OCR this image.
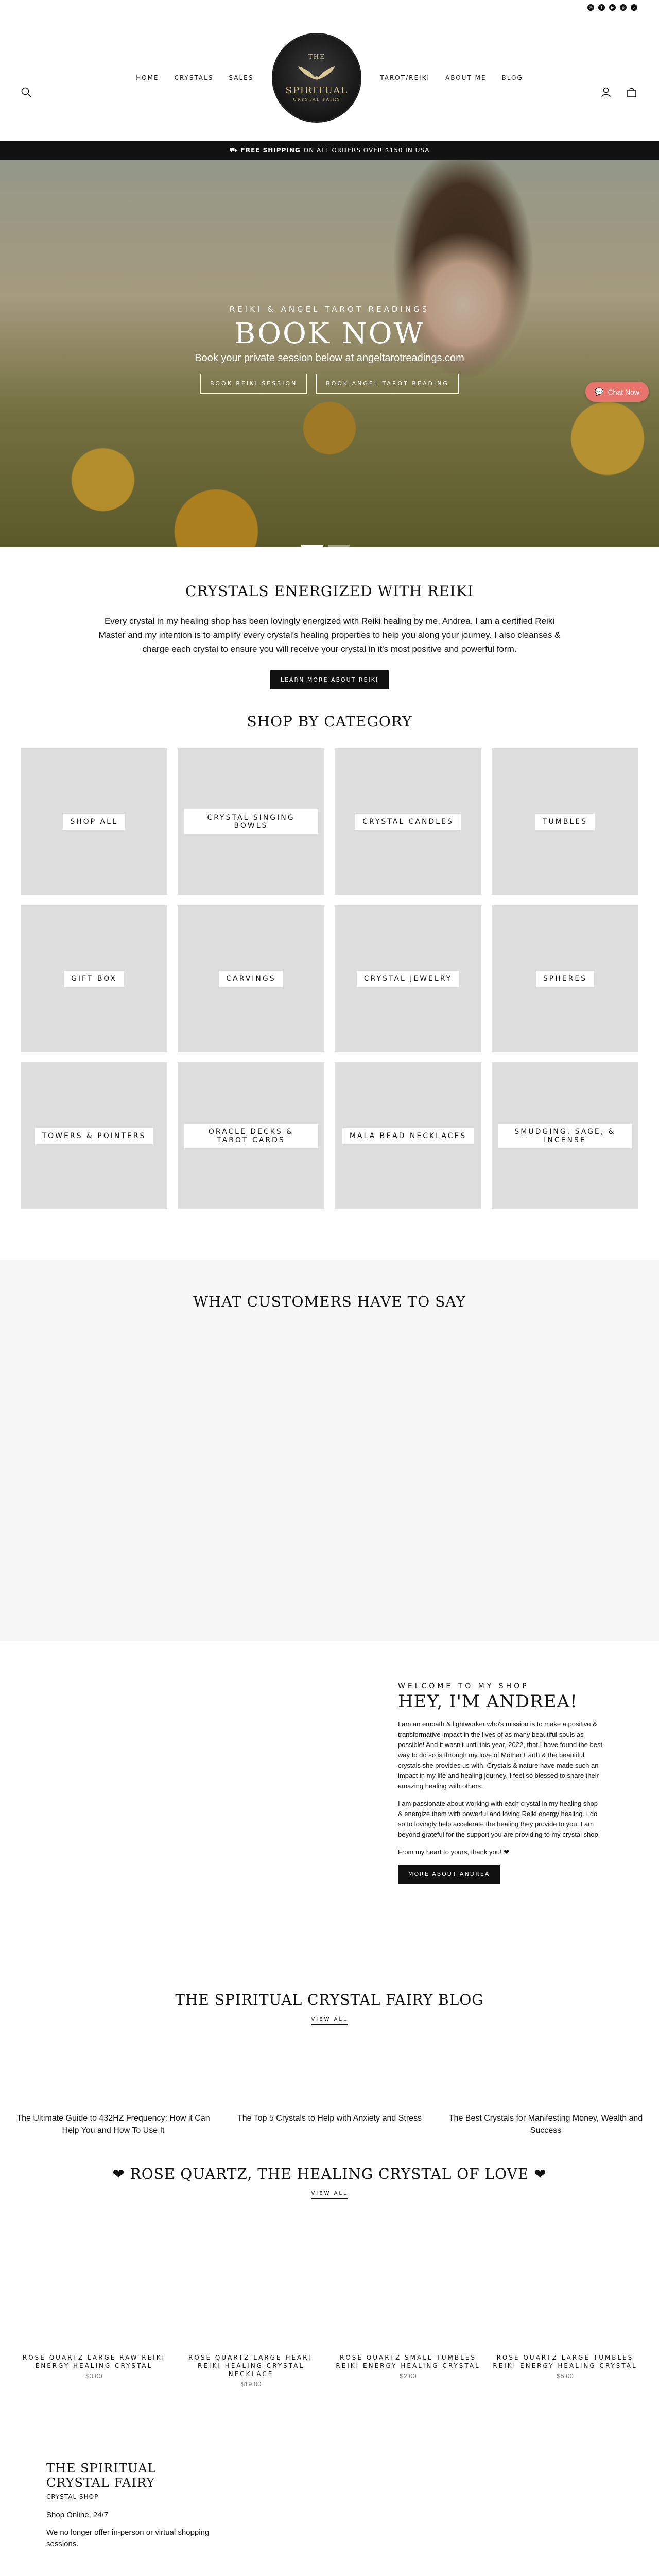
◎	f	▶	p	♪
HOME	CRYSTALS	SALES
THE
SPIRITUAL
CRYSTAL FAIRY
TAROT/REIKI	ABOUT ME	BLOG
⛟ FREE SHIPPING ON ALL ORDERS OVER $150 IN USA
REIKI & ANGEL TAROT READINGS
BOOK NOW
Book your private session below at angeltarotreadings.com
BOOK REIKI SESSION	BOOK ANGEL TAROT READING
💬 Chat Now
CRYSTALS ENERGIZED WITH REIKI

Every crystal in my healing shop has been lovingly energized with Reiki healing by me, Andrea. I am a certified Reiki Master and my intention is to amplify every crystal's healing properties to help you along your journey. I also cleanses & charge each crystal to ensure you will receive your crystal in it's most positive and powerful form.

LEARN MORE ABOUT REIKI
SHOP BY CATEGORY
SHOP ALL	CRYSTAL SINGING BOWLS	CRYSTAL CANDLES	TUMBLES
GIFT BOX	CARVINGS	CRYSTAL JEWELRY	SPHERES
TOWERS & POINTERS	ORACLE DECKS & TAROT CARDS	MALA BEAD NECKLACES	SMUDGING, SAGE, & INCENSE
WHAT CUSTOMERS HAVE TO SAY
WELCOME TO MY SHOP
HEY, I'M ANDREA!

I am an empath & lightworker who's mission is to make a positive & transformative impact in the lives of as many beautiful souls as possible! And it wasn't until this year, 2022, that I have found the best way to do so is through my love of Mother Earth & the beautiful crystals she provides us with. Crystals & nature have made such an impact in my life and healing journey. I feel so blessed to share their amazing healing with others.

I am passionate about working with each crystal in my healing shop & energize them with powerful and loving Reiki energy healing. I do so to lovingly help accelerate the healing they provide to you. I am beyond grateful for the support you are providing to my crystal shop.

From my heart to yours, thank you! ❤

MORE ABOUT ANDREA
THE SPIRITUAL CRYSTAL FAIRY BLOG
VIEW ALL
The Ultimate Guide to 432HZ Frequency: How it Can Help You and How To Use It
The Top 5 Crystals to Help with Anxiety and Stress	The Best Crystals for Manifesting Money, Wealth and Success
❤ ROSE QUARTZ, THE HEALING CRYSTAL OF LOVE ❤
VIEW ALL
ROSE QUARTZ LARGE RAW REIKI ENERGY HEALING CRYSTAL
$3.00
ROSE QUARTZ LARGE HEART REIKI HEALING CRYSTAL NECKLACE
$19.00
ROSE QUARTZ SMALL TUMBLES REIKI ENERGY HEALING CRYSTAL
$2.00
ROSE QUARTZ LARGE TUMBLES REIKI ENERGY HEALING CRYSTAL
$5.00
THE SPIRITUAL CRYSTAL FAIRY
CRYSTAL SHOP

Shop Online, 24/7

We no longer offer in-person or virtual shopping sessions.
